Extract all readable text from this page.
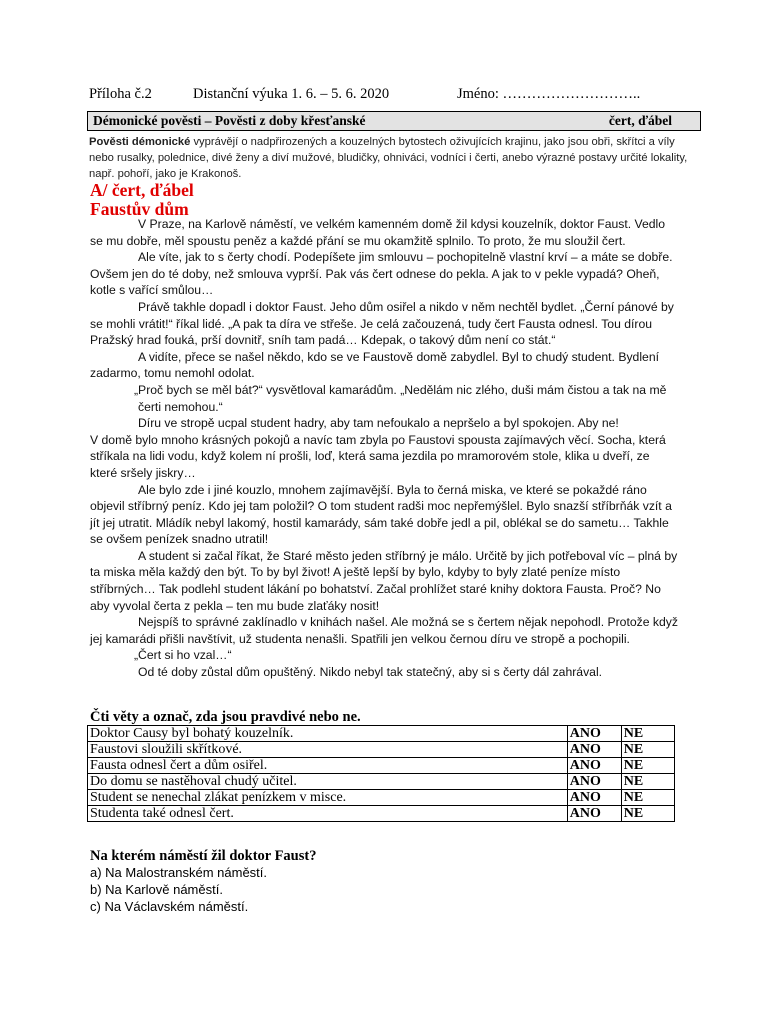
Příloha č.2	Distanční výuka 1. 6. – 5. 6. 2020	Jméno: ………………………..
Démonické pověsti – Pověsti z doby křesťanské	čert, ďábel
Pověsti démonické vyprávějí o nadpřirozených a kouzelných bytostech oživujících krajinu, jako jsou obři, skřítci a víly nebo rusalky, polednice, divé ženy a diví mužové, bludičky, ohniváci, vodníci i čerti, anebo výrazné postavy určité lokality, např. pohoří, jako je Krakonoš.
A/ čert, ďábel
Faustův dům

V Praze, na Karlově náměstí, ve velkém kamenném domě žil kdysi kouzelník, doktor Faust. Vedlo se mu dobře, měl spoustu peněz a každé přání se mu okamžitě splnilo. To proto, že mu sloužil čert.

Ale víte, jak to s čerty chodí. Podepíšete jim smlouvu – pochopitelně vlastní krví – a máte se dobře. Ovšem jen do té doby, než smlouva vyprší. Pak vás čert odnese do pekla. A jak to v pekle vypadá? Oheň, kotle s vařící smůlou…

Právě takhle dopadl i doktor Faust. Jeho dům osiřel a nikdo v něm nechtěl bydlet. „Černí pánové by se mohli vrátit!“ říkal lidé. „A pak ta díra ve střeše. Je celá začouzená, tudy čert Fausta odnesl. Tou dírou Pražský hrad fouká, prší dovnitř, sníh tam padá… Kdepak, o takový dům není co stát.“

A vidíte, přece se našel někdo, kdo se ve Faustově domě zabydlel. Byl to chudý student. Bydlení zadarmo, tomu nemohl odolat.

„Proč bych se měl bát?“ vysvětloval kamarádům. „Nedělám nic zlého, duši mám čistou a tak na mě čerti nemohou.“

Díru ve stropě ucpal student hadry, aby tam nefoukalo a nepršelo a byl spokojen. Aby ne!

V domě bylo mnoho krásných pokojů a navíc tam zbyla po Faustovi spousta zajímavých věcí. Socha, která stříkala na lidi vodu, když kolem ní prošli, loď, která sama jezdila po mramorovém stole, klika u dveří, ze které sršely jiskry…

Ale bylo zde i jiné kouzlo, mnohem zajímavější. Byla to černá miska, ve které se pokaždé ráno objevil stříbrný peníz. Kdo jej tam položil? O tom student radši moc nepřemýšlel. Bylo snazší stříbrňák vzít a jít jej utratit. Mládík nebyl lakomý, hostil kamarády, sám také dobře jedl a pil, oblékal se do sametu… Takhle se ovšem penízek snadno utratil!

A student si začal říkat, že Staré město jeden stříbrný je málo. Určitě by jich potřeboval víc – plná by ta miska měla každý den být. To by byl život! A ještě lepší by bylo, kdyby to byly zlaté peníze místo stříbrných… Tak podlehl student lákání po bohatství. Začal prohlížet staré knihy doktora Fausta. Proč? No aby vyvolal čerta z pekla – ten mu bude zlaťáky nosit!

Nejspíš to správné zaklínadlo v knihách našel. Ale možná se s čertem nějak nepohodl. Protože když jej kamarádi přišli navštívit, už studenta nenašli. Spatřili jen velkou černou díru ve stropě a pochopili.

„Čert si ho vzal…“

Od té doby zůstal dům opuštěný. Nikdo nebyl tak statečný, aby si s čerty dál zahrával.

Čti věty a označ, zda jsou pravdivé nebo ne.
Doktor Causy byl bohatý kouzelník.	ANO	NE
Faustovi sloužili skřítkové.	ANO	NE
Fausta odnesl čert a dům osiřel.	ANO	NE
Do domu se nastěhoval chudý učitel.	ANO	NE
Student se nenechal zlákat penízkem v misce.	ANO	NE
Studenta také odnesl čert.	ANO	NE
Na kterém náměstí žil doktor Faust?
a) Na Malostranském náměstí.
b) Na Karlově náměstí.
c) Na Václavském náměstí.
